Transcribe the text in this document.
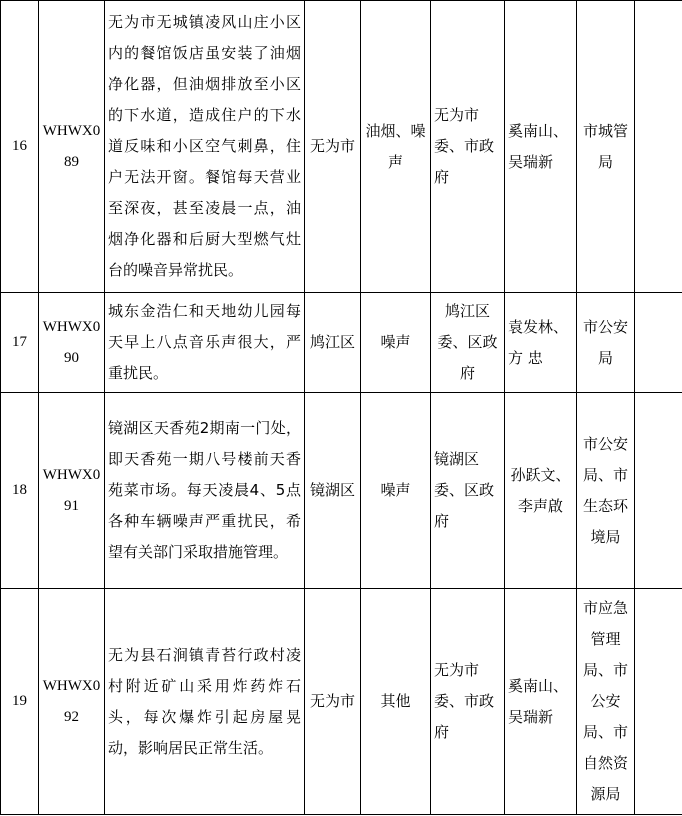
16	WHWX089	无为市无城镇凌风山庄小区内的餐馆饭店虽安装了油烟净化器，但油烟排放至小区的下水道，造成住户的下水道反味和小区空气刺鼻，住户无法开窗。餐馆每天营业至深夜，甚至凌晨一点，油烟净化器和后厨大型燃气灶台的噪音异常扰民。	无为市	油烟、噪声	无为市委、市政府	奚南山、吴瑞新	市城管局	
17	WHWX090	城东金浩仁和天地幼儿园每天早上八点音乐声很大，严重扰民。	鸠江区	噪声	鸠江区委、区政府	袁发林、方 忠	市公安局	
18	WHWX091	镜湖区天香苑2期南一门处，即天香苑一期八号楼前天香苑菜市场。每天凌晨4、5点各种车辆噪声严重扰民，希望有关部门采取措施管理。	镜湖区	噪声	镜湖区委、区政府	孙跃文、李声啟	市公安局、市生态环境局	
19	WHWX092	无为县石涧镇青苔行政村凌村附近矿山采用炸药炸石头，每次爆炸引起房屋晃动，影响居民正常生活。	无为市	其他	无为市委、市政府	奚南山、吴瑞新	市应急管理局、市公安局、市自然资源局	
